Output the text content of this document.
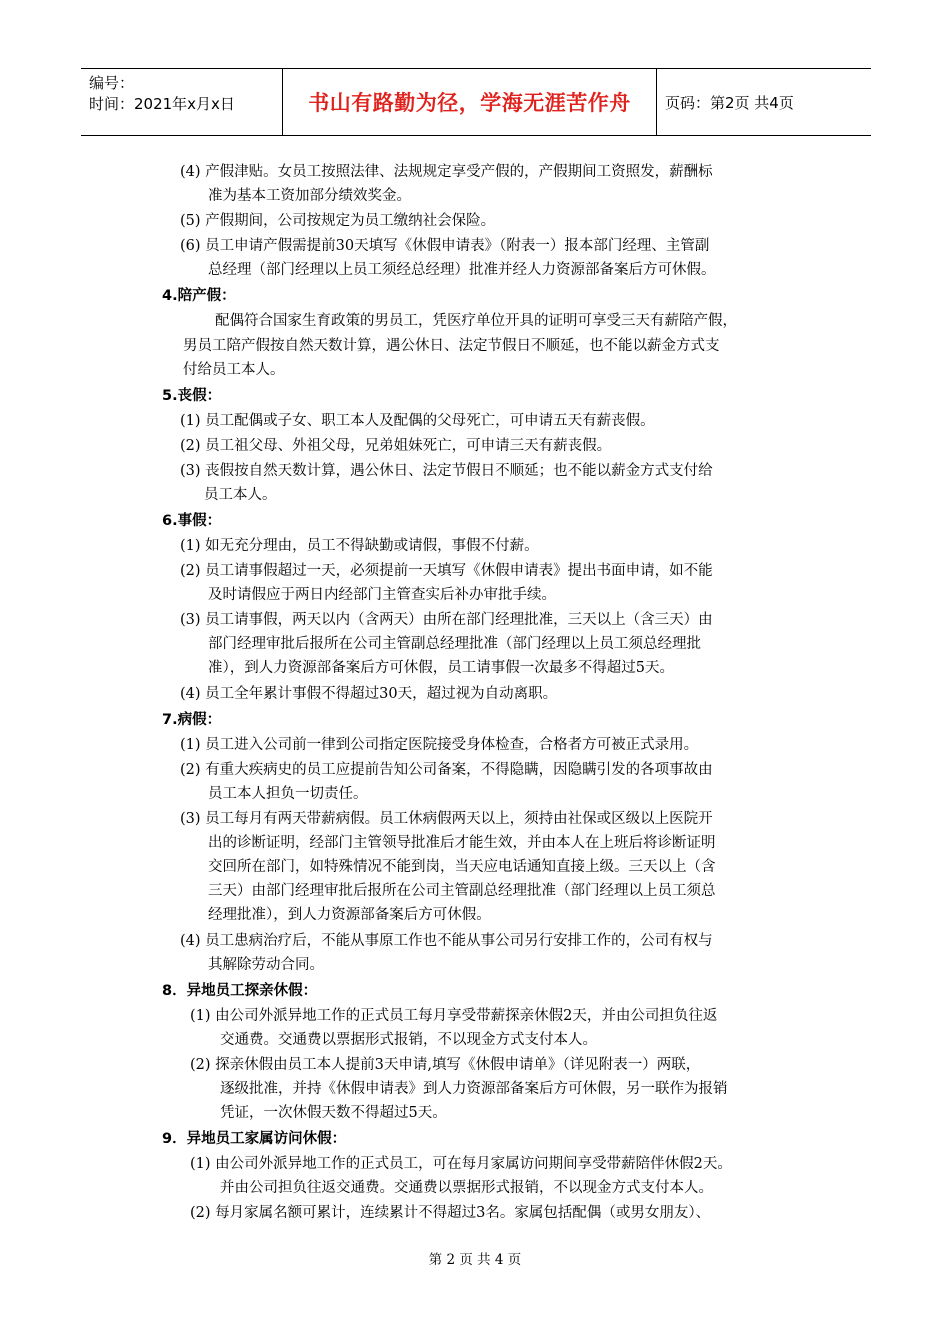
编号：
时间：2021年x月x日	书山有路勤为径，学海无涯苦作舟	页码：第2页 共4页
(4) 产假津贴。女员工按照法律、法规规定享受产假的，产假期间工资照发，薪酬标
准为基本工资加部分绩效奖金。
(5) 产假期间，公司按规定为员工缴纳社会保险。
(6) 员工申请产假需提前30天填写《休假申请表》（附表一）报本部门经理、主管副
总经理（部门经理以上员工须经总经理）批准并经人力资源部备案后方可休假。
4.陪产假：
配偶符合国家生育政策的男员工，凭医疗单位开具的证明可享受三天有薪陪产假，
男员工陪产假按自然天数计算，遇公休日、法定节假日不顺延，也不能以薪金方式支
付给员工本人。
5.丧假：
(1) 员工配偶或子女、职工本人及配偶的父母死亡，可申请五天有薪丧假。
(2) 员工祖父母、外祖父母，兄弟姐妹死亡，可申请三天有薪丧假。
(3) 丧假按自然天数计算，遇公休日、法定节假日不顺延；也不能以薪金方式支付给
员工本人。
6.事假：
(1) 如无充分理由，员工不得缺勤或请假，事假不付薪。
(2) 员工请事假超过一天，必须提前一天填写《休假申请表》提出书面申请，如不能
及时请假应于两日内经部门主管查实后补办审批手续。
(3) 员工请事假，两天以内（含两天）由所在部门经理批准，三天以上（含三天）由
部门经理审批后报所在公司主管副总经理批准（部门经理以上员工须总经理批
准），到人力资源部备案后方可休假，员工请事假一次最多不得超过5天。
(4) 员工全年累计事假不得超过30天，超过视为自动离职。
7.病假：
(1) 员工进入公司前一律到公司指定医院接受身体检查，合格者方可被正式录用。
(2) 有重大疾病史的员工应提前告知公司备案，不得隐瞒，因隐瞒引发的各项事故由
员工本人担负一切责任。
(3) 员工每月有两天带薪病假。员工休病假两天以上，须持由社保或区级以上医院开
出的诊断证明，经部门主管领导批准后才能生效，并由本人在上班后将诊断证明
交回所在部门，如特殊情况不能到岗，当天应电话通知直接上级。三天以上（含
三天）由部门经理审批后报所在公司主管副总经理批准（部门经理以上员工须总
经理批准），到人力资源部备案后方可休假。
(4) 员工患病治疗后，不能从事原工作也不能从事公司另行安排工作的，公司有权与
其解除劳动合同。
8．异地员工探亲休假：
(1) 由公司外派异地工作的正式员工每月享受带薪探亲休假2天，并由公司担负往返
交通费。交通费以票据形式报销，不以现金方式支付本人。
(2) 探亲休假由员工本人提前3天申请,填写《休假申请单》（详见附表一）两联，
逐级批准，并持《休假申请表》到人力资源部备案后方可休假，另一联作为报销
凭证，一次休假天数不得超过5天。
9．异地员工家属访问休假：
(1) 由公司外派异地工作的正式员工，可在每月家属访问期间享受带薪陪伴休假2天。
并由公司担负往返交通费。交通费以票据形式报销，不以现金方式支付本人。
(2) 每月家属名额可累计，连续累计不得超过3名。家属包括配偶（或男女朋友）、
第 2 页 共 4 页
